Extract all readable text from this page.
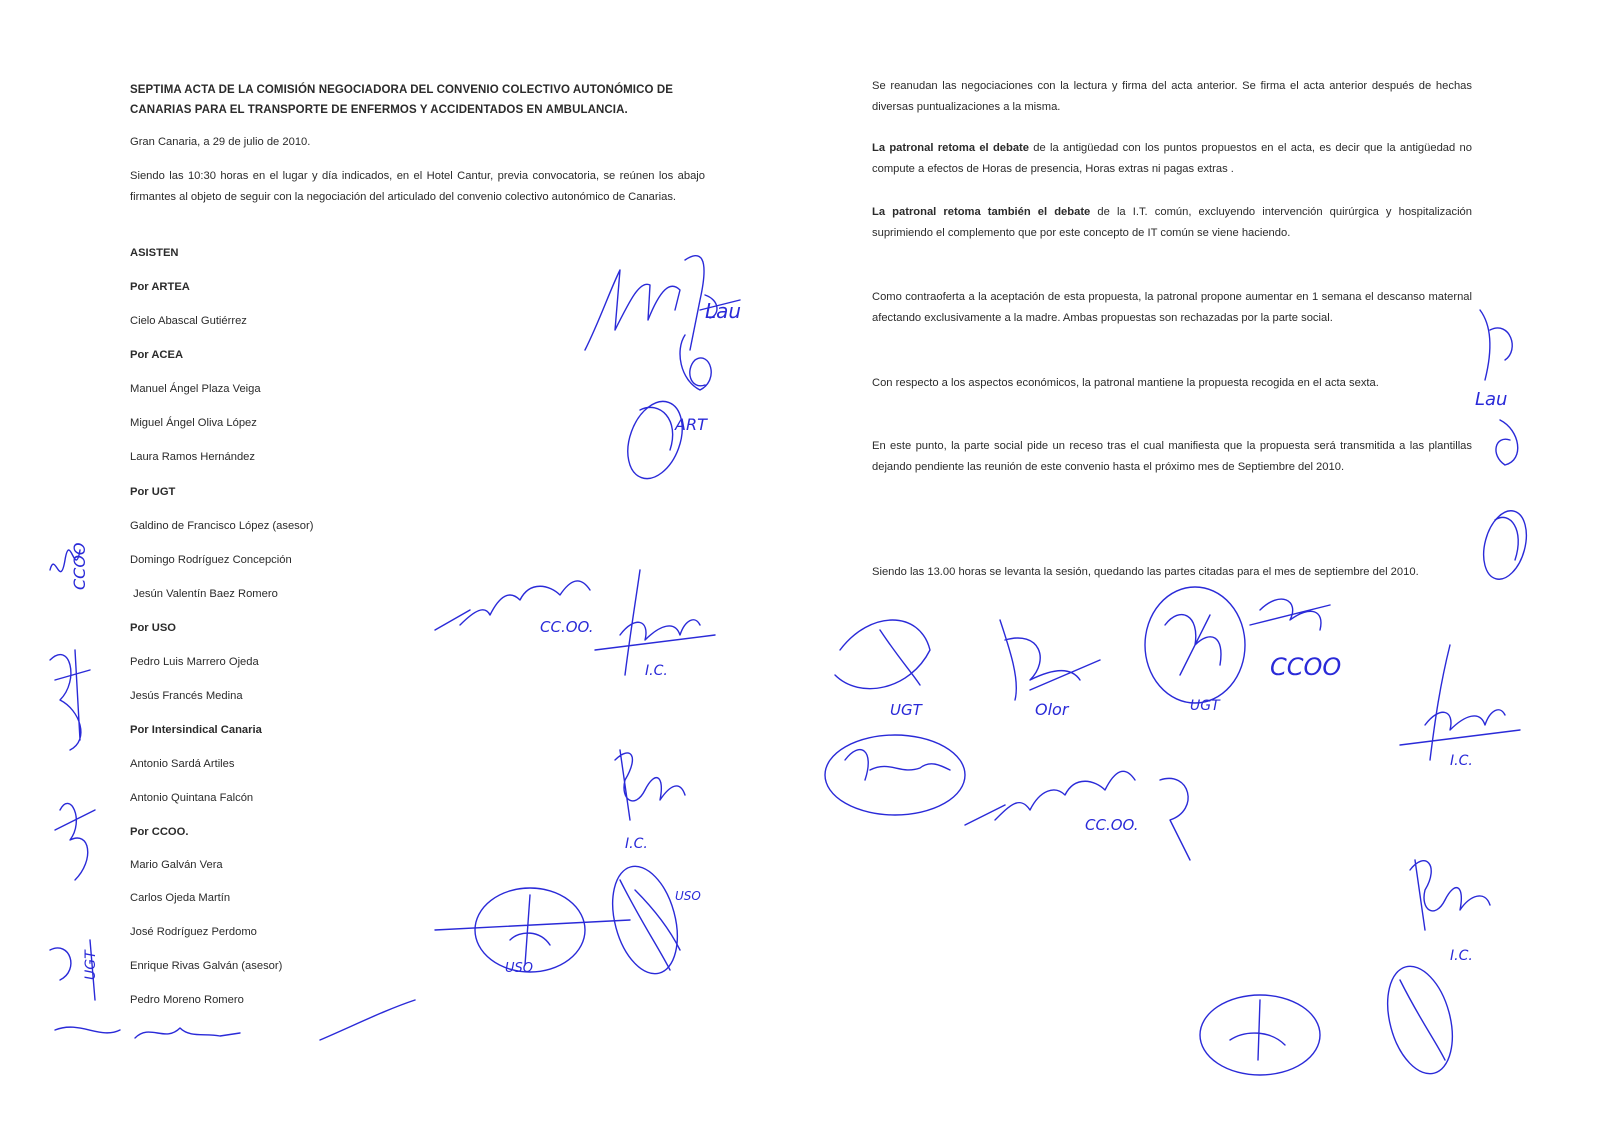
SEPTIMA ACTA DE LA COMISIÓN NEGOCIADORA DEL CONVENIO COLECTIVO AUTONÓMICO DE CANARIAS PARA EL TRANSPORTE DE ENFERMOS Y ACCIDENTADOS EN AMBULANCIA.
Gran Canaria, a 29 de julio de 2010.
Siendo las 10:30 horas en el lugar y día indicados, en el Hotel Cantur, previa convocatoria, se reúnen los abajo firmantes al objeto de seguir con la negociación del articulado del convenio colectivo autonómico de Canarias.
ASISTEN
Por ARTEA
Cielo Abascal Gutiérrez
Por ACEA
Manuel Ángel Plaza Veiga
Miguel Ángel Oliva López
Laura Ramos Hernández
Por UGT
Galdino de Francisco López (asesor)
Domingo Rodríguez Concepción
Jesún Valentín Baez Romero
Por USO
Pedro Luis Marrero Ojeda
Jesús Francés Medina
Por Intersindical Canaria
Antonio Sardá Artiles
Antonio Quintana Falcón
Por CCOO.
Mario Galván Vera
Carlos Ojeda Martín
José Rodríguez Perdomo
Enrique Rivas Galván (asesor)
Pedro Moreno Romero
Se reanudan las negociaciones con la lectura y firma del acta anterior. Se firma el acta anterior después de hechas diversas puntualizaciones a la misma.
La patronal retoma el debate de la antigüedad con los puntos propuestos en el acta, es decir que la antigüedad no compute a efectos de Horas de presencia, Horas extras ni pagas extras .
La patronal retoma también el debate de la I.T. común, excluyendo intervención quirúrgica y hospitalización suprimiendo el complemento que por este concepto de IT común se viene haciendo.
Como contraoferta a la aceptación de esta propuesta, la patronal propone aumentar en 1 semana el descanso maternal afectando exclusivamente a la madre. Ambas propuestas son rechazadas por la parte social.
Con respecto a los aspectos económicos, la patronal mantiene la propuesta recogida en el acta sexta.
En este punto, la parte social pide un receso tras el cual manifiesta que la propuesta será transmitida a las plantillas dejando pendiente las reunión de este convenio hasta el próximo mes de Septiembre del 2010.
Siendo las 13.00 horas se levanta la sesión, quedando las partes citadas para el mes de septiembre del 2010.
Lau
ART
CC.OO.
I.C.
I.C.
USO
USO
CCOO
UGT
UGT	Olor	UGT
CCOO
CC.OO.
I.C.
I.C.
Lau
